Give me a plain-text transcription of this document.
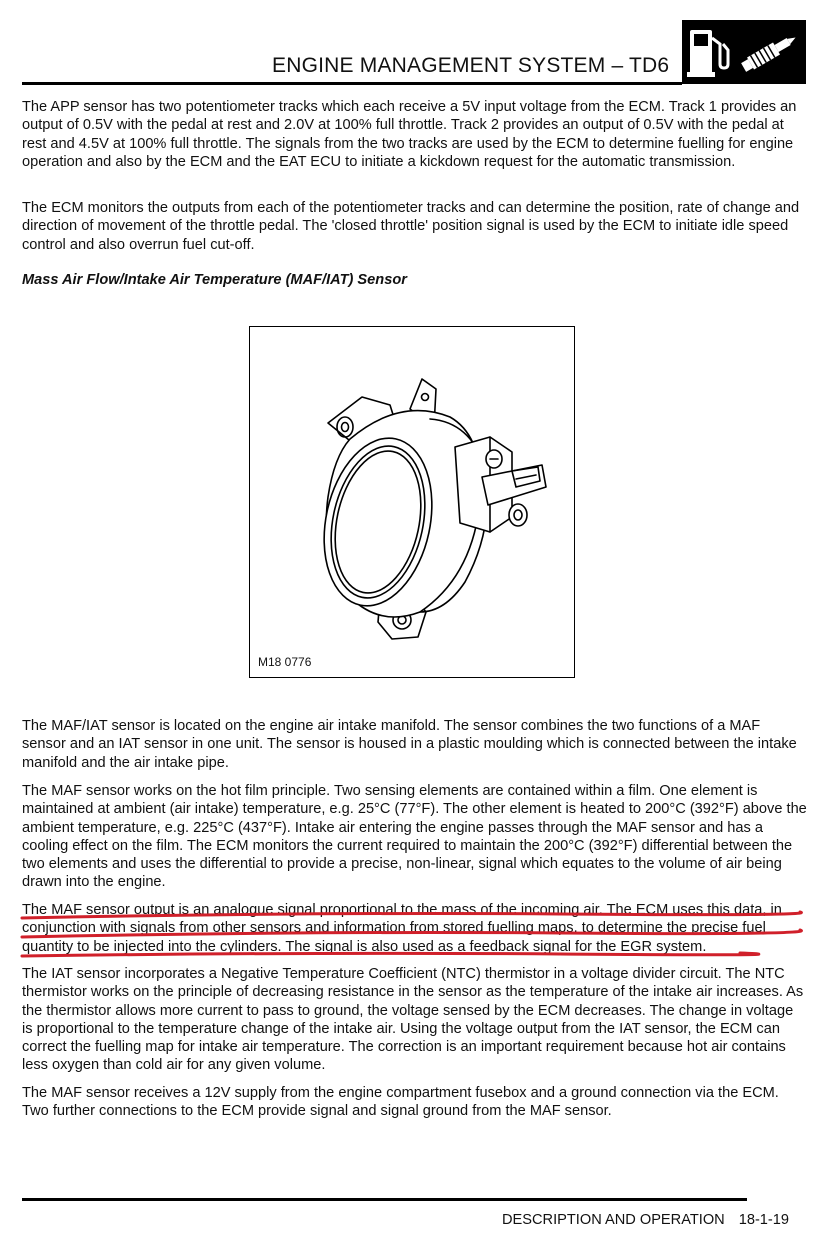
ENGINE MANAGEMENT SYSTEM – TD6

The APP sensor has two potentiometer tracks which each receive a 5V input voltage from the ECM. Track 1 provides an output of 0.5V with the pedal at rest and 2.0V at 100% full throttle. Track 2 provides an output of 0.5V with the pedal at rest and 4.5V at 100% full throttle. The signals from the two tracks are used by the ECM to determine fuelling for engine operation and also by the ECM and the EAT ECU to initiate a kickdown request for the automatic transmission.

The ECM monitors the outputs from each of the potentiometer tracks and can determine the position, rate of change and direction of movement of the throttle pedal. The 'closed throttle' position signal is used by the ECM to initiate idle speed control and also overrun fuel cut-off.

Mass Air Flow/Intake Air Temperature (MAF/IAT) Sensor

M18 0776

The MAF/IAT sensor is located on the engine air intake manifold. The sensor combines the two functions of a MAF sensor and an IAT sensor in one unit. The sensor is housed in a plastic moulding which is connected between the intake manifold and the air intake pipe.

The MAF sensor works on the hot film principle. Two sensing elements are contained within a film. One element is maintained at ambient (air intake) temperature, e.g. 25°C (77°F). The other element is heated to 200°C (392°F) above the ambient temperature, e.g. 225°C (437°F). Intake air entering the engine passes through the MAF sensor and has a cooling effect on the film. The ECM monitors the current required to maintain the 200°C (392°F) differential between the two elements and uses the differential to provide a precise, non-linear, signal which equates to the volume of air being drawn into the engine.

The MAF sensor output is an analogue signal proportional to the mass of the incoming air. The ECM uses this data, in conjunction with signals from other sensors and information from stored fuelling maps, to determine the precise fuel quantity to be injected into the cylinders. The signal is also used as a feedback signal for the EGR system.

The IAT sensor incorporates a Negative Temperature Coefficient (NTC) thermistor in a voltage divider circuit. The NTC thermistor works on the principle of decreasing resistance in the sensor as the temperature of the intake air increases. As the thermistor allows more current to pass to ground, the voltage sensed by the ECM decreases. The change in voltage is proportional to the temperature change of the intake air. Using the voltage output from the IAT sensor, the ECM can correct the fuelling map for intake air temperature. The correction is an important requirement because hot air contains less oxygen than cold air for any given volume.

The MAF sensor receives a 12V supply from the engine compartment fusebox and a ground connection via the ECM. Two further connections to the ECM provide signal and signal ground from the MAF sensor.

DESCRIPTION AND OPERATION 18-1-19
